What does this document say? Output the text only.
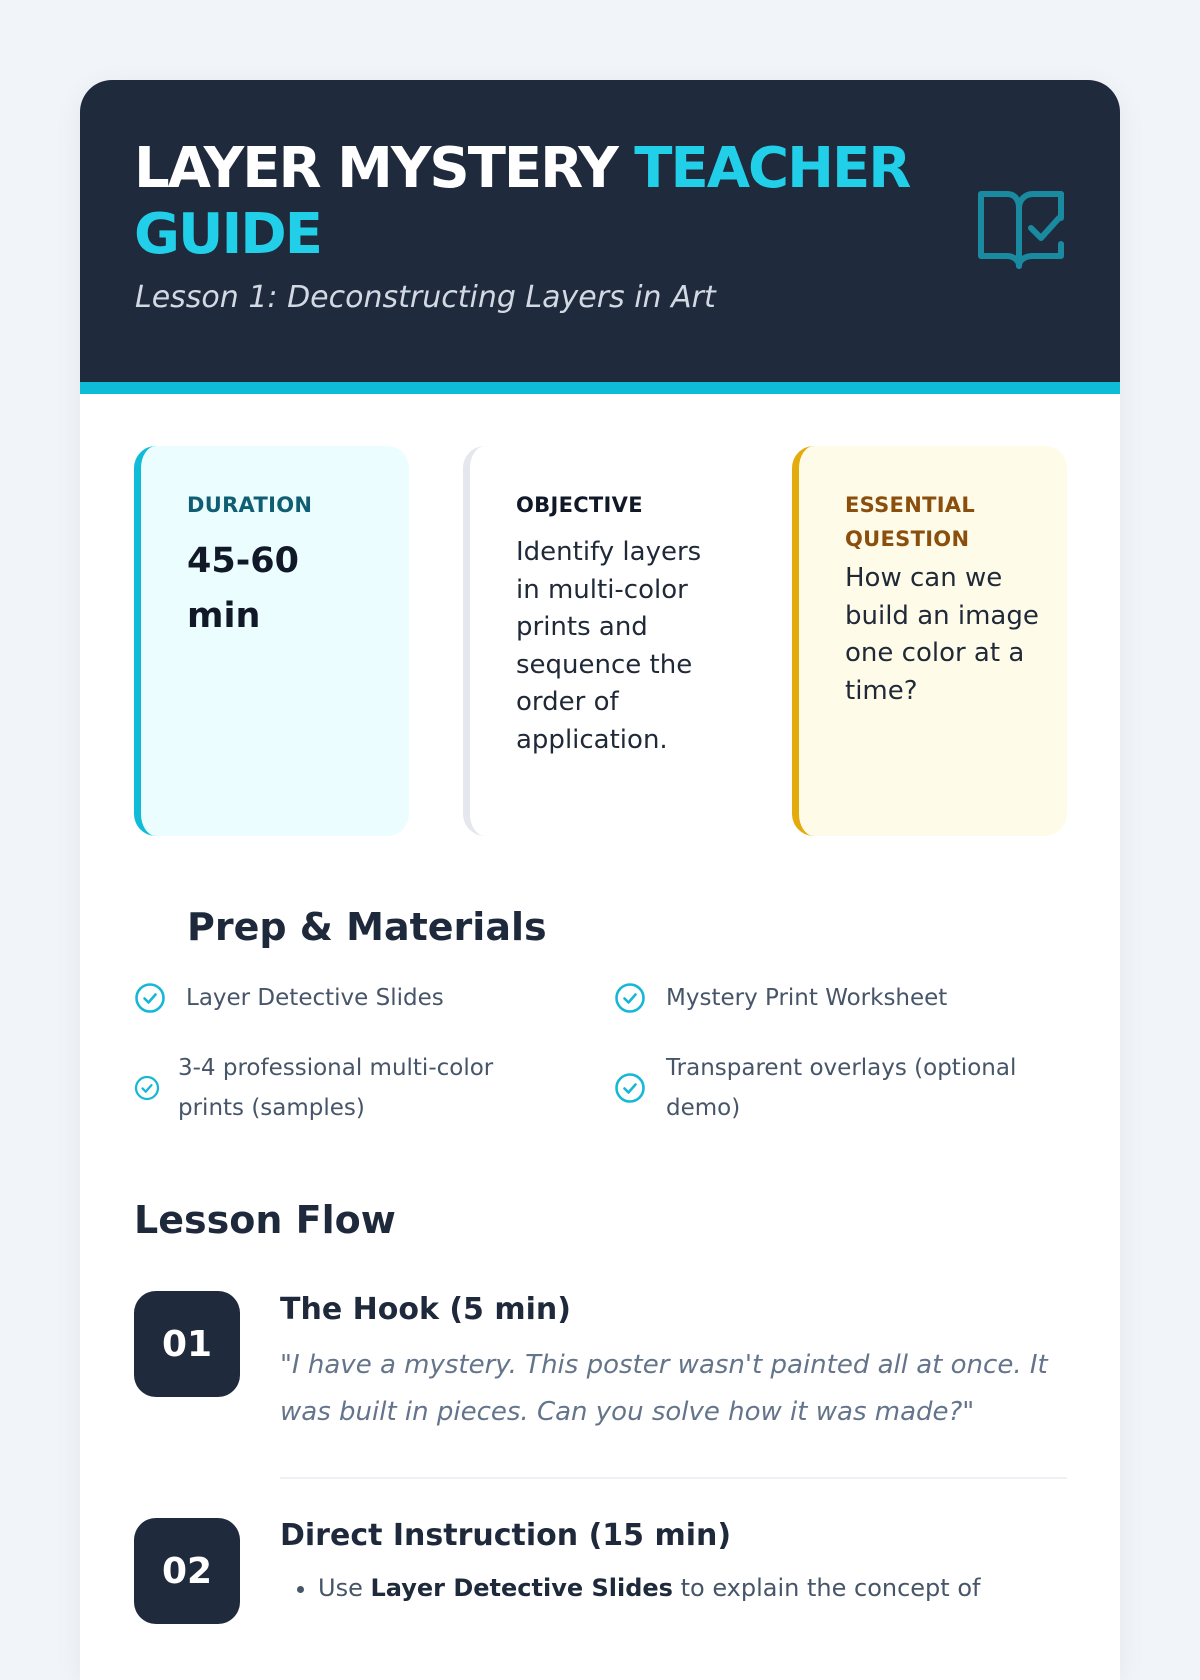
LAYER MYSTERY TEACHER GUIDE

Lesson 1: Deconstructing Layers in Art

DURATION
45-60 min
OBJECTIVE
Identify layers in multi-color prints and sequence the order of application.
ESSENTIAL QUESTION
How can we build an image one color at a time?
Prep & Materials
Layer Detective Slides	Mystery Print Worksheet
3-4 professional multi-color prints (samples)
Transparent overlays (optional demo)
Lesson Flow
01
The Hook (5 min)

"I have a mystery. This poster wasn't painted all at once. It was built in pieces. Can you solve how it was made?"

02
Direct Instruction (15 min)
• Use Layer Detective Slides to explain the concept of
